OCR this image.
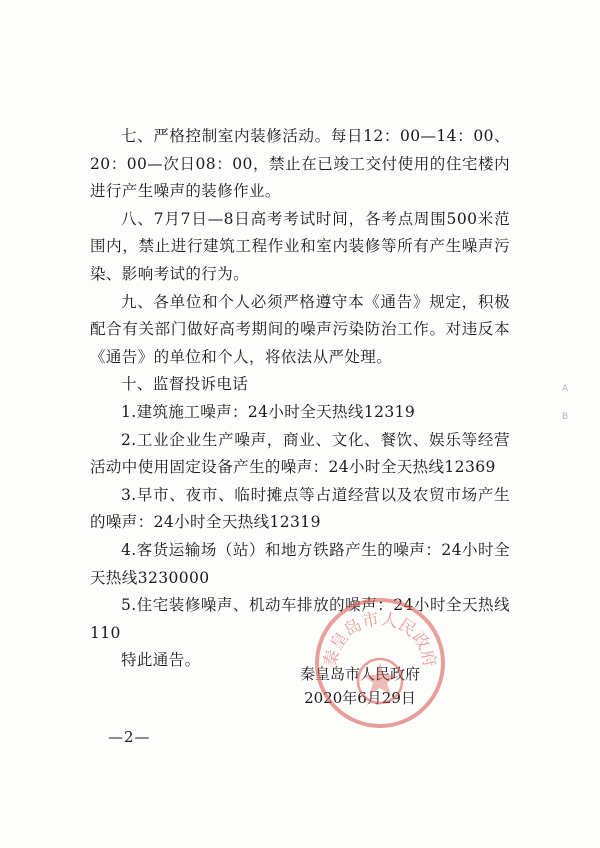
七、严格控制室内装修活动。每日12：00—14：00、20：00—次日08：00，禁止在已竣工交付使用的住宅楼内进行产生噪声的装修作业。

八、7月7日—8日高考考试时间，各考点周围500米范围内，禁止进行建筑工程作业和室内装修等所有产生噪声污染、影响考试的行为。

九、各单位和个人必须严格遵守本《通告》规定，积极配合有关部门做好高考期间的噪声污染防治工作。对违反本《通告》的单位和个人，将依法从严处理。

十、监督投诉电话

1.建筑施工噪声：24小时全天热线12319

2.工业企业生产噪声，商业、文化、餐饮、娱乐等经营活动中使用固定设备产生的噪声：24小时全天热线12369

3.早市、夜市、临时摊点等占道经营以及农贸市场产生的噪声：24小时全天热线12319

4.客货运输场（站）和地方铁路产生的噪声：24小时全天热线3230000

5.住宅装修噪声、机动车排放的噪声：24小时全天热线110

特此通告。

秦皇岛市人民政府
2020年6月29日
秦皇岛市人民政府
—2—
A
B
